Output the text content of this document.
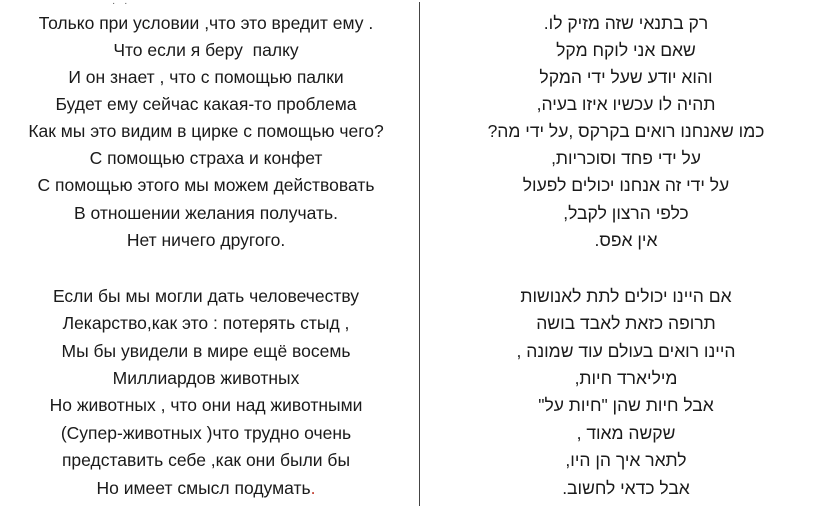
· ·
Только при условии ,что это вредит ему .
Что если я беру  палку
И он знает , что с помощью палки
Будет ему сейчас какая-то проблема
Как мы это видим в цирке с помощью чего?
С помощью страха и конфет
С помощью этого мы можем действовать
В отношении желания получать.
Нет ничего другого.
Если бы мы могли дать человечеству
Лекарство,как это : потерять стыд ,
Мы бы увидели в мире ещё восемь
Миллиардов животных
Но животных , что они над животными
(Супер-животных )что трудно очень
представить себе ,как они были бы
Но имеет смысл подумать.
רק בתנאי שזה מזיק לו.
שאם אני לוקח מקל
והוא יודע שעל ידי המקל
תהיה לו עכשיו איזו בעיה,
כמו שאנחנו רואים בקרקס ,על ידי מה?
על ידי פחד וסוכריות,
על ידי זה אנחנו יכולים לפעול
כלפי הרצון לקבל,
אין אפס.
אם היינו יכולים לתת לאנושות
תרופה כזאת לאבד בושה
היינו רואים בעולם עוד שמונה ,
מיליארד חיות,
אבל חיות שהן "חיות על"
שקשה מאוד ,
לתאר איך הן היו,
אבל כדאי לחשוב.
